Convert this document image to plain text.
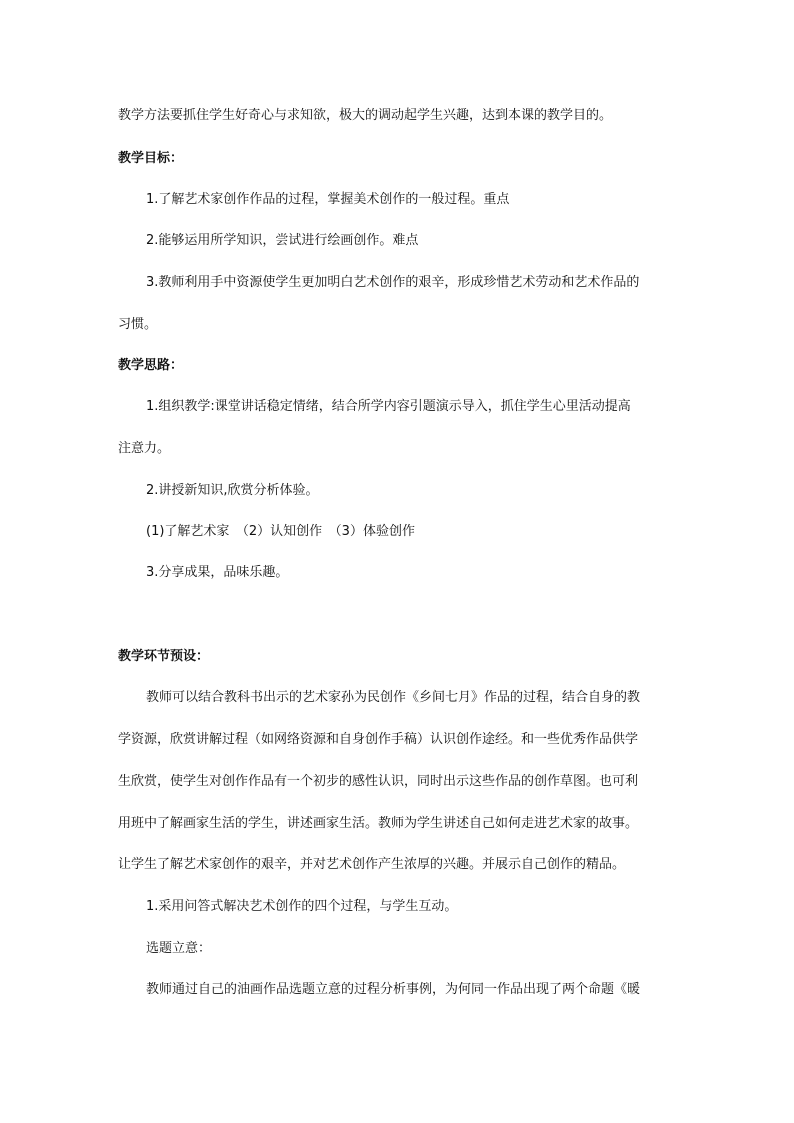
教学方法要抓住学生好奇心与求知欲，极大的调动起学生兴趣，达到本课的教学目的。
教学目标：
1.了解艺术家创作作品的过程，掌握美术创作的一般过程。重点
2.能够运用所学知识，尝试进行绘画创作。难点
3.教师利用手中资源使学生更加明白艺术创作的艰辛，形成珍惜艺术劳动和艺术作品的
习惯。
教学思路：
1.组织教学:课堂讲话稳定情绪，结合所学内容引题演示导入，抓住学生心里活动提高
注意力。
2.讲授新知识,欣赏分析体验。
(1)了解艺术家　（2）认知创作　（3）体验创作
3.分享成果，品味乐趣。
教学环节预设：
教师可以结合教科书出示的艺术家孙为民创作《乡间七月》作品的过程，结合自身的教
学资源，欣赏讲解过程（如网络资源和自身创作手稿）认识创作途经。和一些优秀作品供学
生欣赏，使学生对创作作品有一个初步的感性认识，同时出示这些作品的创作草图。也可利
用班中了解画家生活的学生，讲述画家生活。教师为学生讲述自己如何走进艺术家的故事。
让学生了解艺术家创作的艰辛，并对艺术创作产生浓厚的兴趣。并展示自己创作的精品。
1.采用问答式解决艺术创作的四个过程，与学生互动。
选题立意：
教师通过自己的油画作品选题立意的过程分析事例，为何同一作品出现了两个命题《暖
